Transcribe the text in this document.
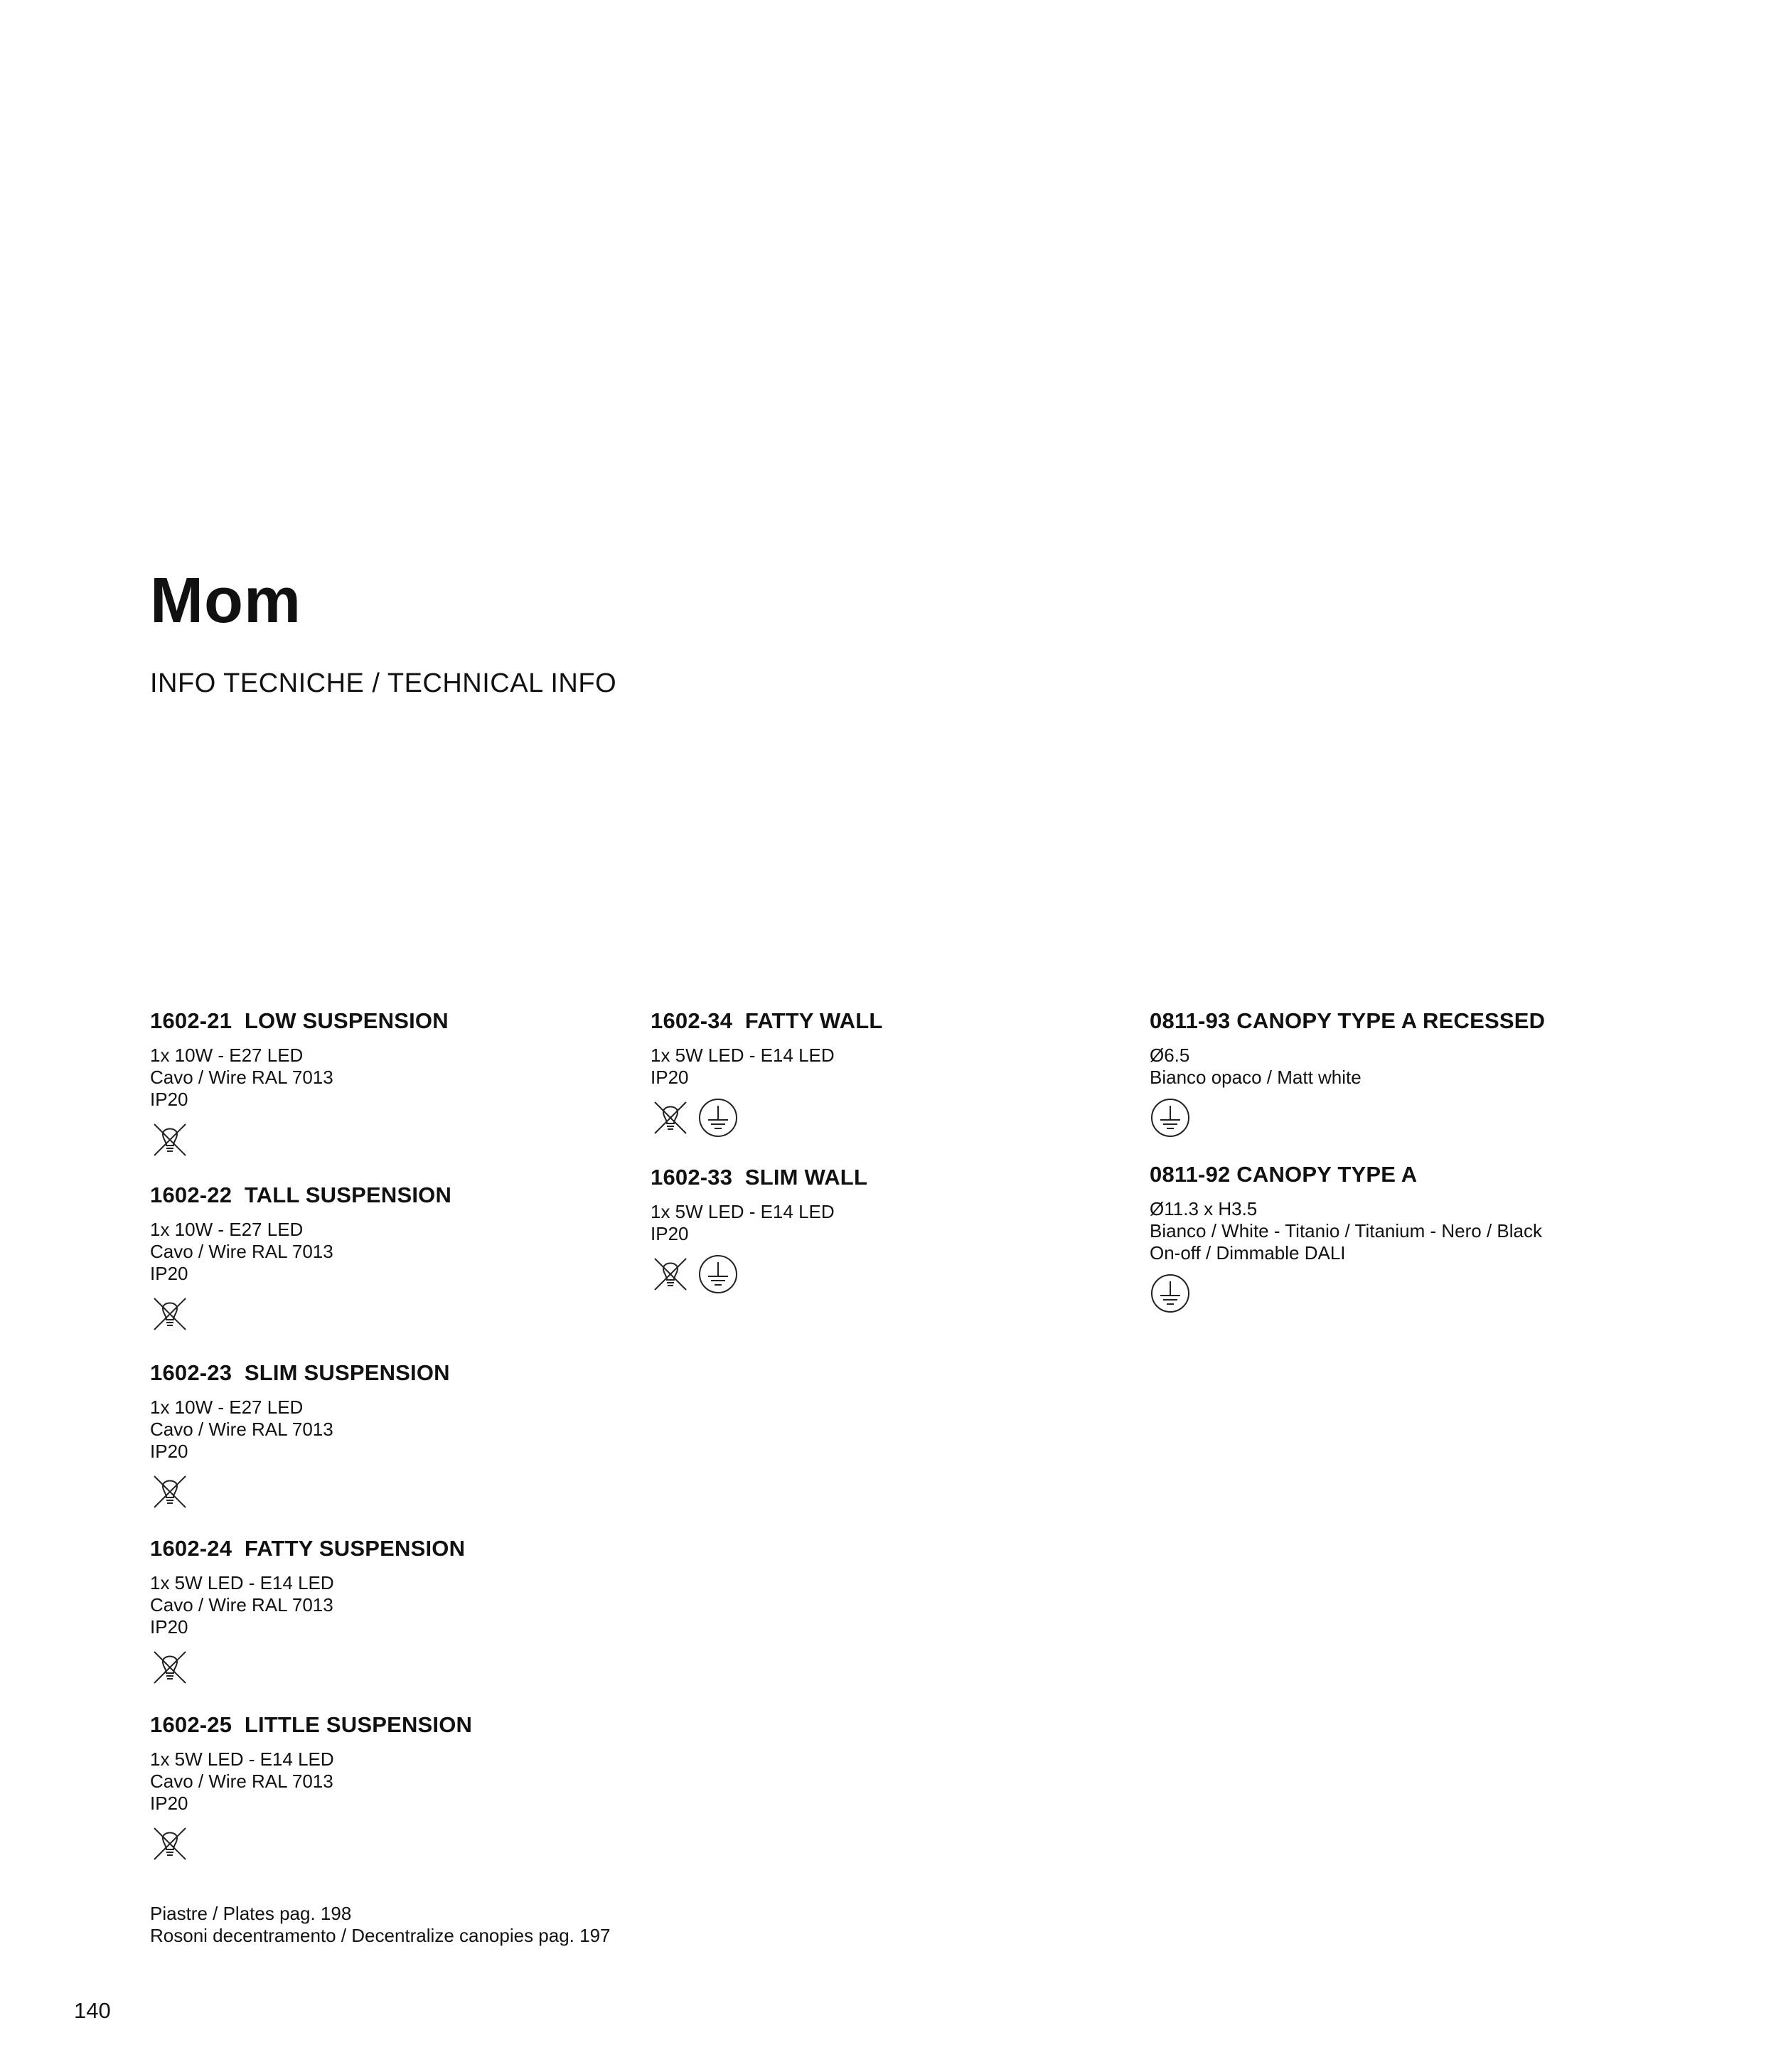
Mom
INFO TECNICHE / TECHNICAL INFO
1602-21 LOW SUSPENSION
1x 10W - E27 LED
Cavo / Wire RAL 7013
IP20
1602-22 TALL SUSPENSION
1x 10W - E27 LED
Cavo / Wire RAL 7013
IP20
1602-23 SLIM SUSPENSION
1x 10W - E27 LED
Cavo / Wire RAL 7013
IP20
1602-24 FATTY SUSPENSION
1x 5W LED - E14 LED
Cavo / Wire RAL 7013
IP20
1602-25 LITTLE SUSPENSION
1x 5W LED - E14 LED
Cavo / Wire RAL 7013
IP20
1602-34 FATTY WALL
1x 5W LED - E14 LED
IP20
1602-33 SLIM WALL
1x 5W LED - E14 LED
IP20
0811-93 CANOPY TYPE A RECESSED
Ø6.5
Bianco opaco / Matt white
0811-92 CANOPY TYPE A
Ø11.3 x H3.5
Bianco / White - Titanio / Titanium - Nero / Black
On-off / Dimmable DALI
Piastre / Plates pag. 198
Rosoni decentramento / Decentralize canopies pag. 197
140
